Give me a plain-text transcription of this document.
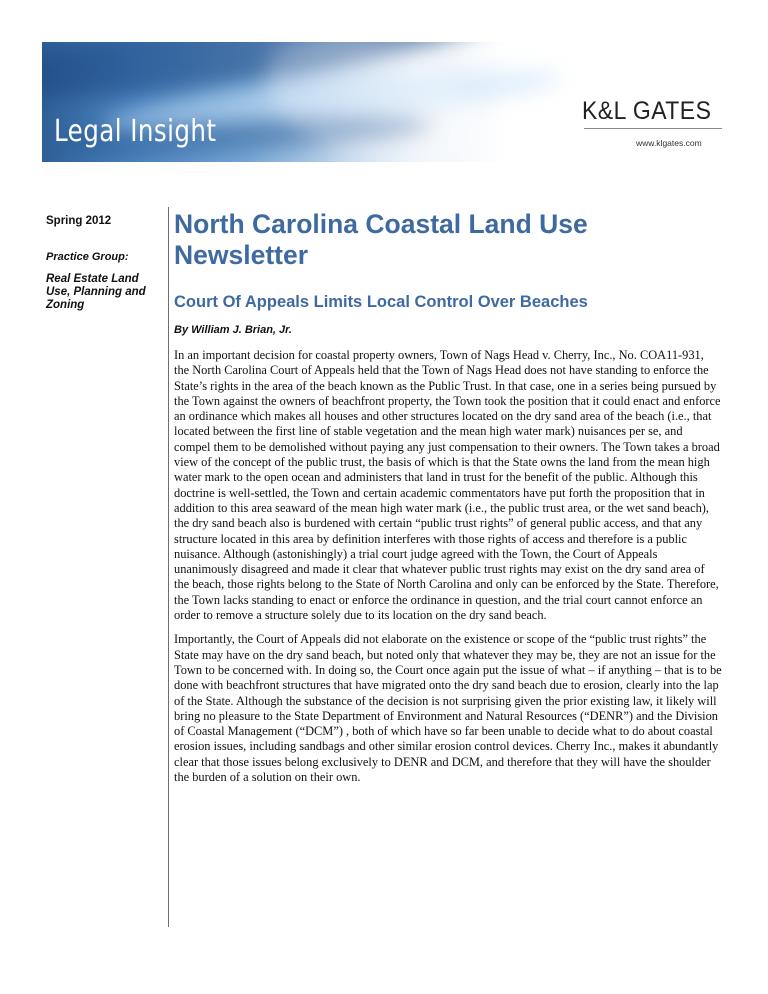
Legal Insight
K&L GATES
www.klgates.com
Spring 2012
Practice Group:
Real Estate Land Use, Planning and Zoning
North Carolina Coastal Land Use Newsletter
Court Of Appeals Limits Local Control Over Beaches
By William J. Brian, Jr.

In an important decision for coastal property owners, Town of Nags Head v. Cherry, Inc., No. COA11-931, the North Carolina Court of Appeals held that the Town of Nags Head does not have standing to enforce the State’s rights in the area of the beach known as the Public Trust. In that case, one in a series being pursued by the Town against the owners of beachfront property, the Town took the position that it could enact and enforce an ordinance which makes all houses and other structures located on the dry sand area of the beach (i.e., that located between the first line of stable vegetation and the mean high water mark) nuisances per se, and compel them to be demolished without paying any just compensation to their owners. The Town takes a broad view of the concept of the public trust, the basis of which is that the State owns the land from the mean high water mark to the open ocean and administers that land in trust for the benefit of the public. Although this doctrine is well-settled, the Town and certain academic commentators have put forth the proposition that in addition to this area seaward of the mean high water mark (i.e., the public trust area, or the wet sand beach), the dry sand beach also is burdened with certain “public trust rights” of general public access, and that any structure located in this area by definition interferes with those rights of access and therefore is a public nuisance. Although (astonishingly) a trial court judge agreed with the Town, the Court of Appeals unanimously disagreed and made it clear that whatever public trust rights may exist on the dry sand area of the beach, those rights belong to the State of North Carolina and only can be enforced by the State. Therefore, the Town lacks standing to enact or enforce the ordinance in question, and the trial court cannot enforce an order to remove a structure solely due to its location on the dry sand beach.

Importantly, the Court of Appeals did not elaborate on the existence or scope of the “public trust rights” the State may have on the dry sand beach, but noted only that whatever they may be, they are not an issue for the Town to be concerned with. In doing so, the Court once again put the issue of what – if anything – that is to be done with beachfront structures that have migrated onto the dry sand beach due to erosion, clearly into the lap of the State. Although the substance of the decision is not surprising given the prior existing law, it likely will bring no pleasure to the State Department of Environment and Natural Resources (“DENR”) and the Division of Coastal Management (“DCM”) , both of which have so far been unable to decide what to do about coastal erosion issues, including sandbags and other similar erosion control devices. Cherry Inc., makes it abundantly clear that those issues belong exclusively to DENR and DCM, and therefore that they will have the shoulder the burden of a solution on their own.
